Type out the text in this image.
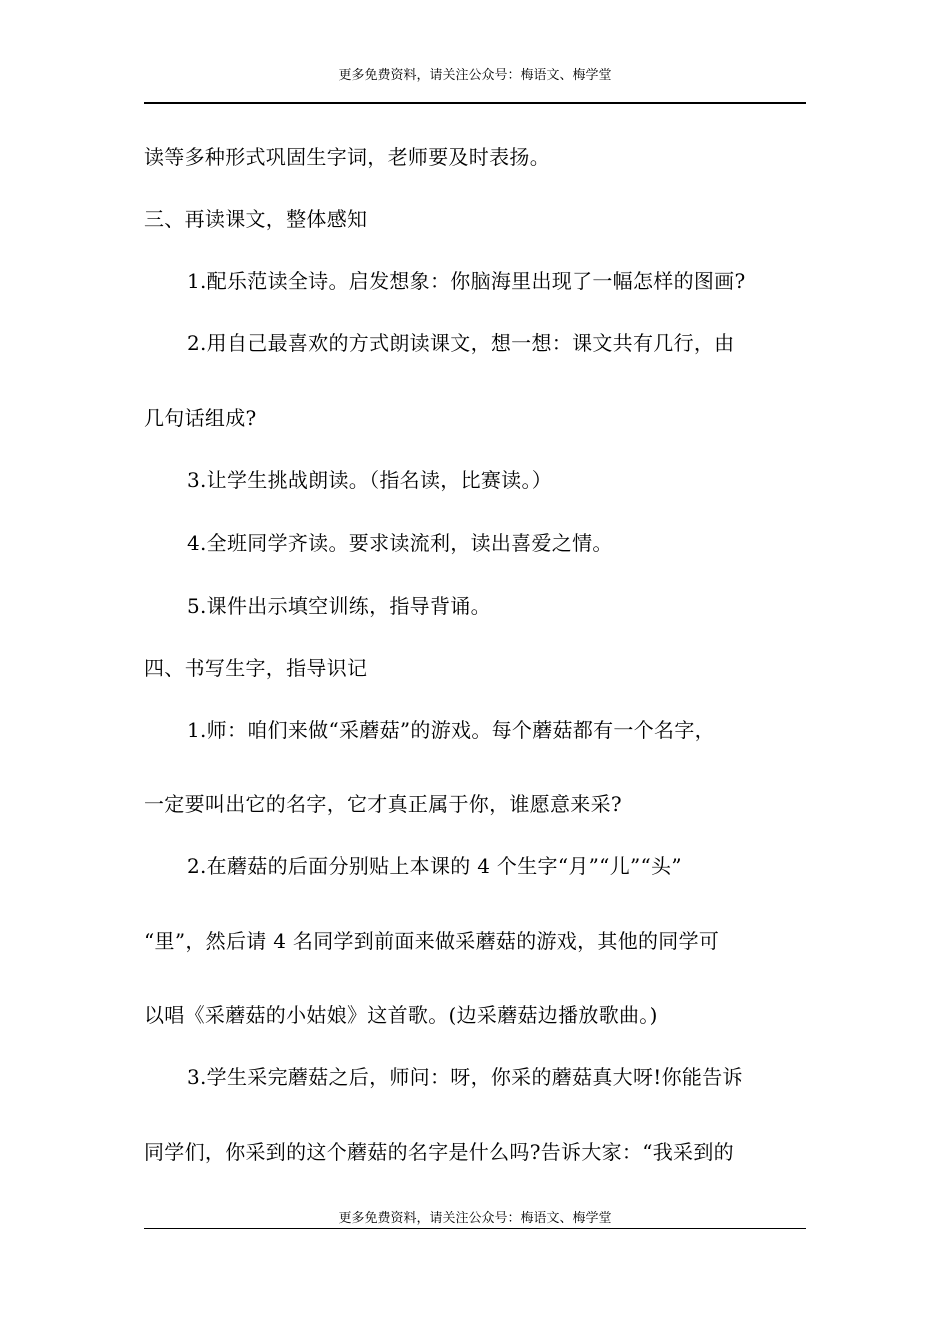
更多免费资料，请关注公众号：梅语文、梅学堂
读等多种形式巩固生字词，老师要及时表扬。
三、再读课文，整体感知
1.配乐范读全诗。启发想象：你脑海里出现了一幅怎样的图画?
2.用自己最喜欢的方式朗读课文，想一想：课文共有几行，由
几句话组成?
3.让学生挑战朗读。（指名读，比赛读。）
4.全班同学齐读。要求读流利，读出喜爱之情。
5.课件出示填空训练，指导背诵。
四、书写生字，指导识记
1.师：咱们来做“采蘑菇”的游戏。每个蘑菇都有一个名字，
一定要叫出它的名字，它才真正属于你，谁愿意来采?
2.在蘑菇的后面分别贴上本课的 4 个生字“月”“儿”“头”
“里”，然后请 4 名同学到前面来做采蘑菇的游戏，其他的同学可
以唱《采蘑菇的小姑娘》这首歌。(边采蘑菇边播放歌曲。)
3.学生采完蘑菇之后，师问：呀，你采的蘑菇真大呀!你能告诉
同学们，你采到的这个蘑菇的名字是什么吗?告诉大家：“我采到的
更多免费资料，请关注公众号：梅语文、梅学堂
